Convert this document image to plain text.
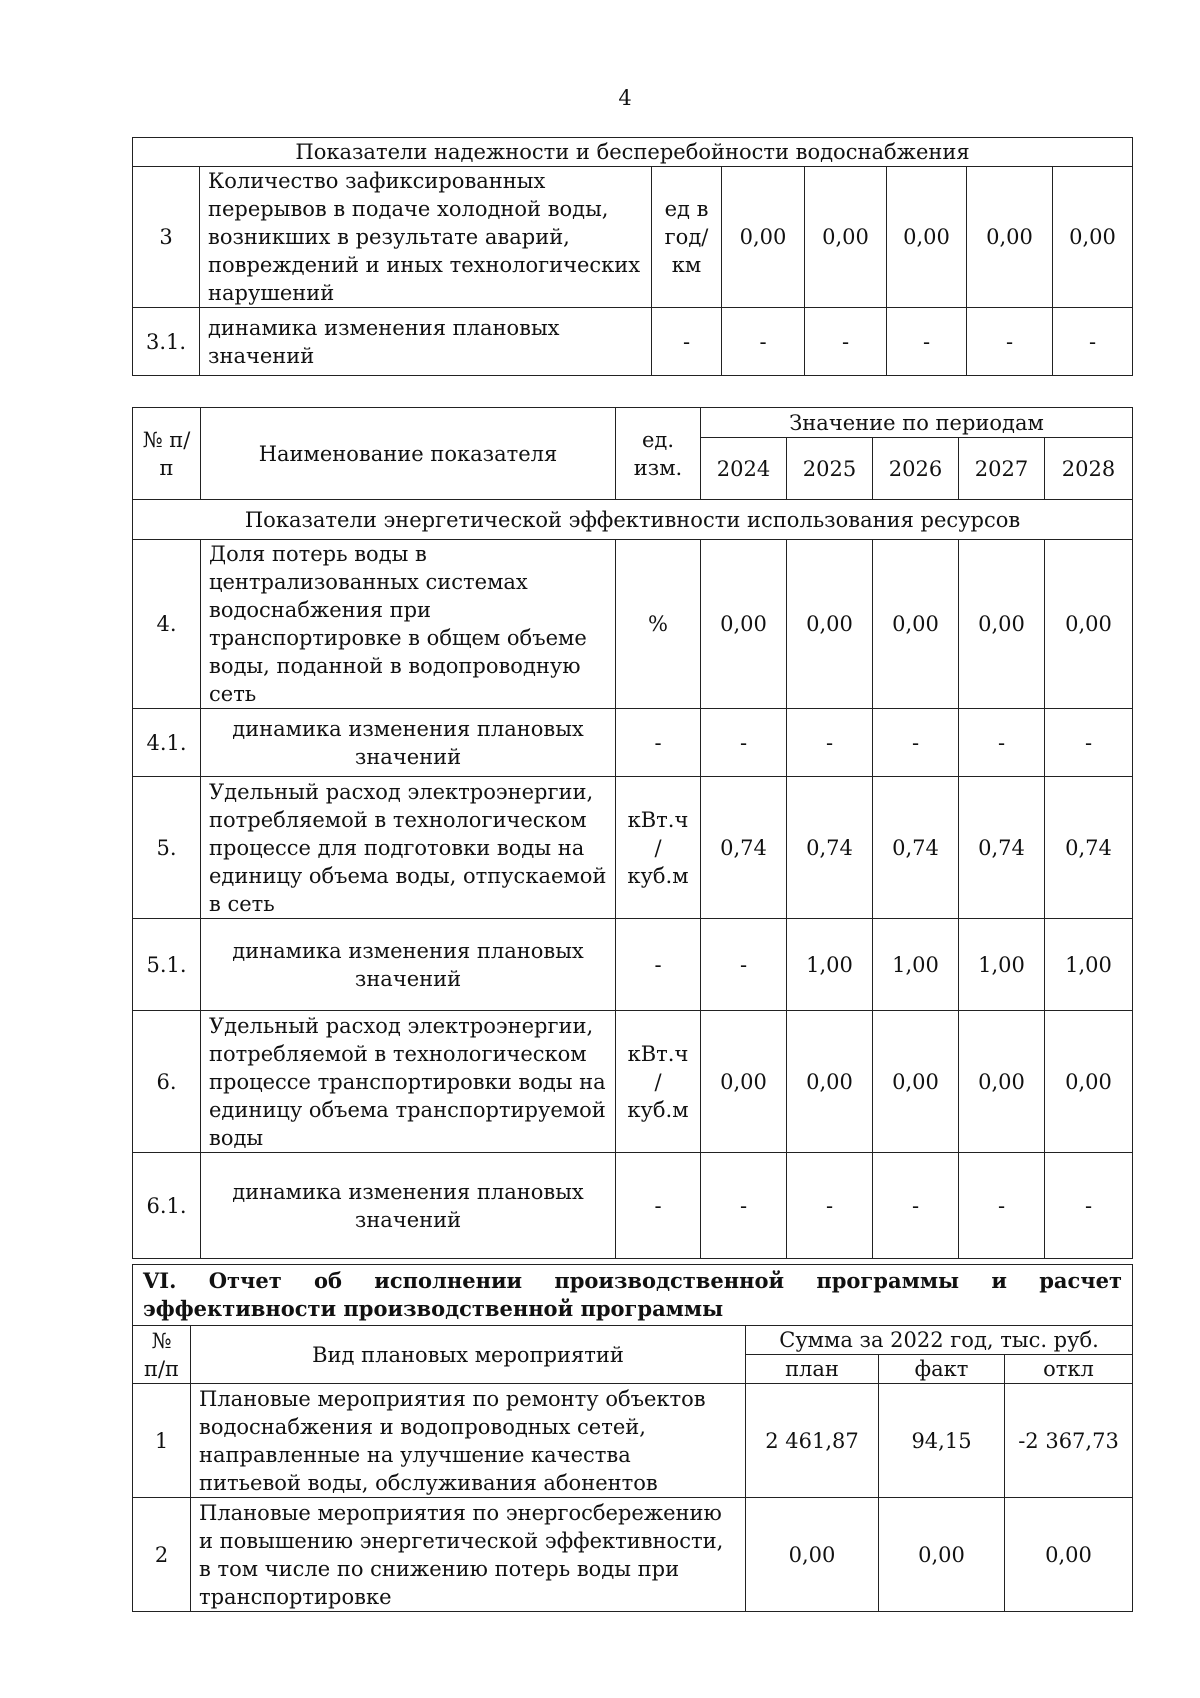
4
Показатели надежности и бесперебойности водоснабжения							
3	Количество зафиксированных перерывов в подаче холодной воды, возникших в результате аварий, повреждений и иных технологических нарушений	ед в год/ км	0,00	0,00	0,00	0,00	0,00
3.1.	динамика изменения плановых значений	-	-	-	-	-	-
№ п/п	Наименование показателя	ед. изм.	Значение по периодам				
			2024	2025	2026	2027	2028
Показатели энергетической эффективности использования ресурсов							
4.	Доля потерь воды в централизованных системах водоснабжения при транспортировке в общем объеме воды, поданной в водопроводную сеть	%	0,00	0,00	0,00	0,00	0,00
4.1.	динамика изменения плановых значений	-	-	-	-	-	-
5.	Удельный расход электроэнергии, потребляемой в технологическом процессе для подготовки воды на единицу объема воды, отпускаемой в сеть	кВт.ч / куб.м	0,74	0,74	0,74	0,74	0,74
5.1.	динамика изменения плановых значений	-	-	1,00	1,00	1,00	1,00
6.	Удельный расход электроэнергии, потребляемой в технологическом процессе транспортировки воды на единицу объема транспортируемой воды	кВт.ч / куб.м	0,00	0,00	0,00	0,00	0,00
6.1.	динамика изменения плановых значений	-	-	-	-	-	-
VI. Отчет об исполнении производственной программы и расчет эффективности производственной программы				
№ п/п	Вид плановых мероприятий	Сумма за 2022 год, тыс. руб.		
		план	факт	откл
1	Плановые мероприятия по ремонту объектов водоснабжения и водопроводных сетей, направленные на улучшение качества питьевой воды, обслуживания абонентов	2 461,87	94,15	-2 367,73
2	Плановые мероприятия по энергосбережению и повышению энергетической эффективности, в том числе по снижению потерь воды при транспортировке	0,00	0,00	0,00
